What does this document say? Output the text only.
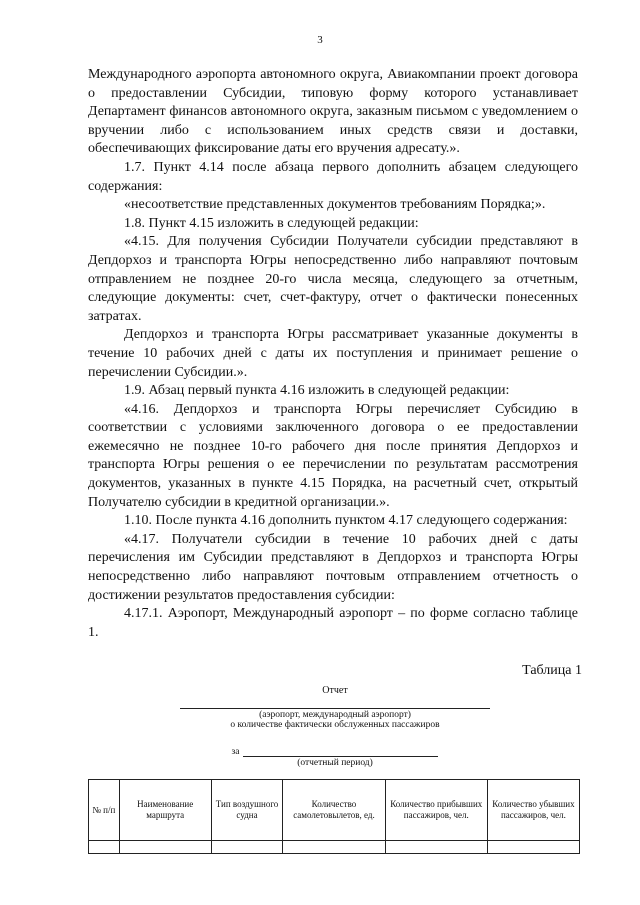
3

Международного аэропорта автономного округа, Авиакомпании проект договора о предоставлении Субсидии, типовую форму которого устанавливает Департамент финансов автономного округа, заказным письмом с уведомлением о вручении либо с использованием иных средств связи и доставки, обеспечивающих фиксирование даты его вручения адресату.».

1.7. Пункт 4.14 после абзаца первого дополнить абзацем следующего содержания:

«несоответствие представленных документов требованиям Порядка;».

1.8. Пункт 4.15 изложить в следующей редакции:

«4.15. Для получения Субсидии Получатели субсидии представляют в Депдорхоз и транспорта Югры непосредственно либо направляют почтовым отправлением не позднее 20-го числа месяца, следующего за отчетным, следующие документы: счет, счет-фактуру, отчет о фактически понесенных затратах.

Депдорхоз и транспорта Югры рассматривает указанные документы в течение 10 рабочих дней с даты их поступления и принимает решение о перечислении Субсидии.».

1.9. Абзац первый пункта 4.16 изложить в следующей редакции:

«4.16. Депдорхоз и транспорта Югры перечисляет Субсидию в соответствии с условиями заключенного договора о ее предоставлении ежемесячно не позднее 10-го рабочего дня после принятия Депдорхоз и транспорта Югры решения о ее перечислении по результатам рассмотрения документов, указанных в пункте 4.15 Порядка, на расчетный счет, открытый Получателю субсидии в кредитной организации.».

1.10. После пункта 4.16 дополнить пунктом 4.17 следующего содержания:

«4.17. Получатели субсидии в течение 10 рабочих дней с даты перечисления им Субсидии представляют в Депдорхоз и транспорта Югры непосредственно либо направляют почтовым отправлением отчетность о достижении результатов предоставления субсидии:

4.17.1. Аэропорт, Международный аэропорт – по форме согласно таблице 1.

Таблица 1
Отчет
(аэропорт, международный аэропорт)
о количестве фактически обслуженных пассажиров
за
(отчетный период)
№ п/п	Наименование маршрута	Тип воздушного судна	Количество самолетовылетов, ед.	Количество прибывших пассажиров, чел.	Количество убывших пассажиров, чел.
